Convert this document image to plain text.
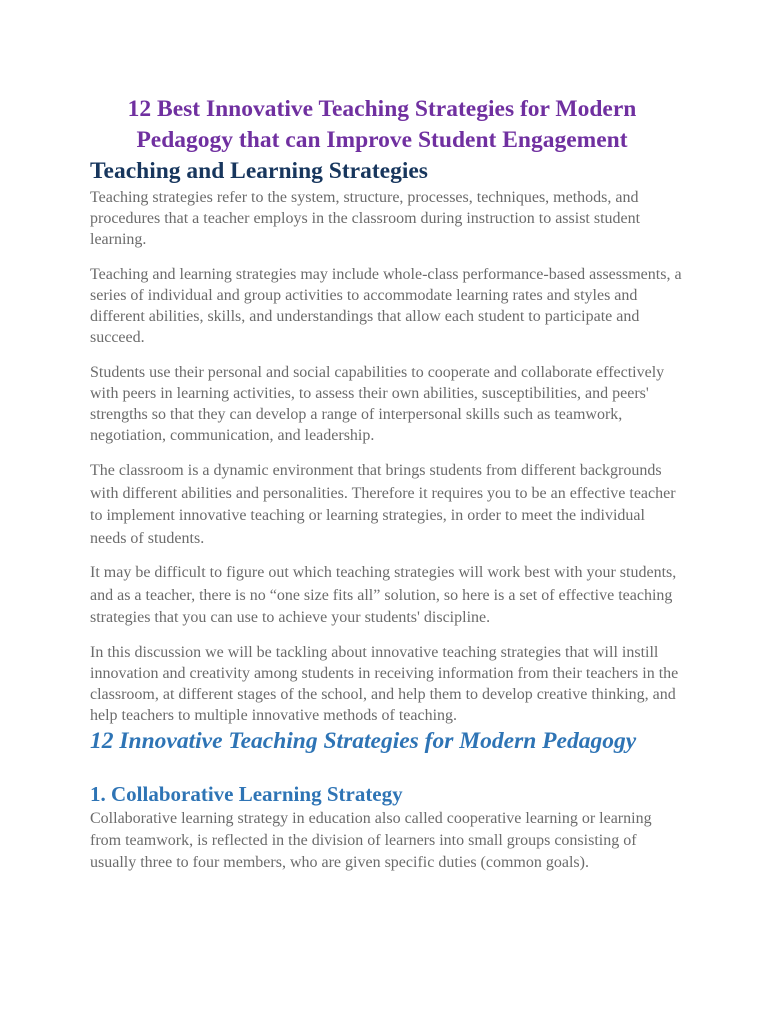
12 Best Innovative Teaching Strategies for Modern Pedagogy that can Improve Student Engagement
Teaching and Learning Strategies

Teaching strategies refer to the system, structure, processes, techniques, methods, and procedures that a teacher employs in the classroom during instruction to assist student learning.

Teaching and learning strategies may include whole-class performance-based assessments, a series of individual and group activities to accommodate learning rates and styles and different abilities, skills, and understandings that allow each student to participate and succeed.

Students use their personal and social capabilities to cooperate and collaborate effectively with peers in learning activities, to assess their own abilities, susceptibilities, and peers' strengths so that they can develop a range of interpersonal skills such as teamwork, negotiation, communication, and leadership.

The classroom is a dynamic environment that brings students from different backgrounds with different abilities and personalities. Therefore it requires you to be an effective teacher to implement innovative teaching or learning strategies, in order to meet the individual needs of students.

It may be difficult to figure out which teaching strategies will work best with your students, and as a teacher, there is no “one size fits all” solution, so here is a set of effective teaching strategies that you can use to achieve your students' discipline.

In this discussion we will be tackling about innovative teaching strategies that will instill innovation and creativity among students in receiving information from their teachers in the classroom, at different stages of the school, and help them to develop creative thinking, and help teachers to multiple innovative methods of teaching.

12 Innovative Teaching Strategies for Modern Pedagogy
1. Collaborative Learning Strategy

Collaborative learning strategy in education also called cooperative learning or learning from teamwork, is reflected in the division of learners into small groups consisting of usually three to four members, who are given specific duties (common goals).
